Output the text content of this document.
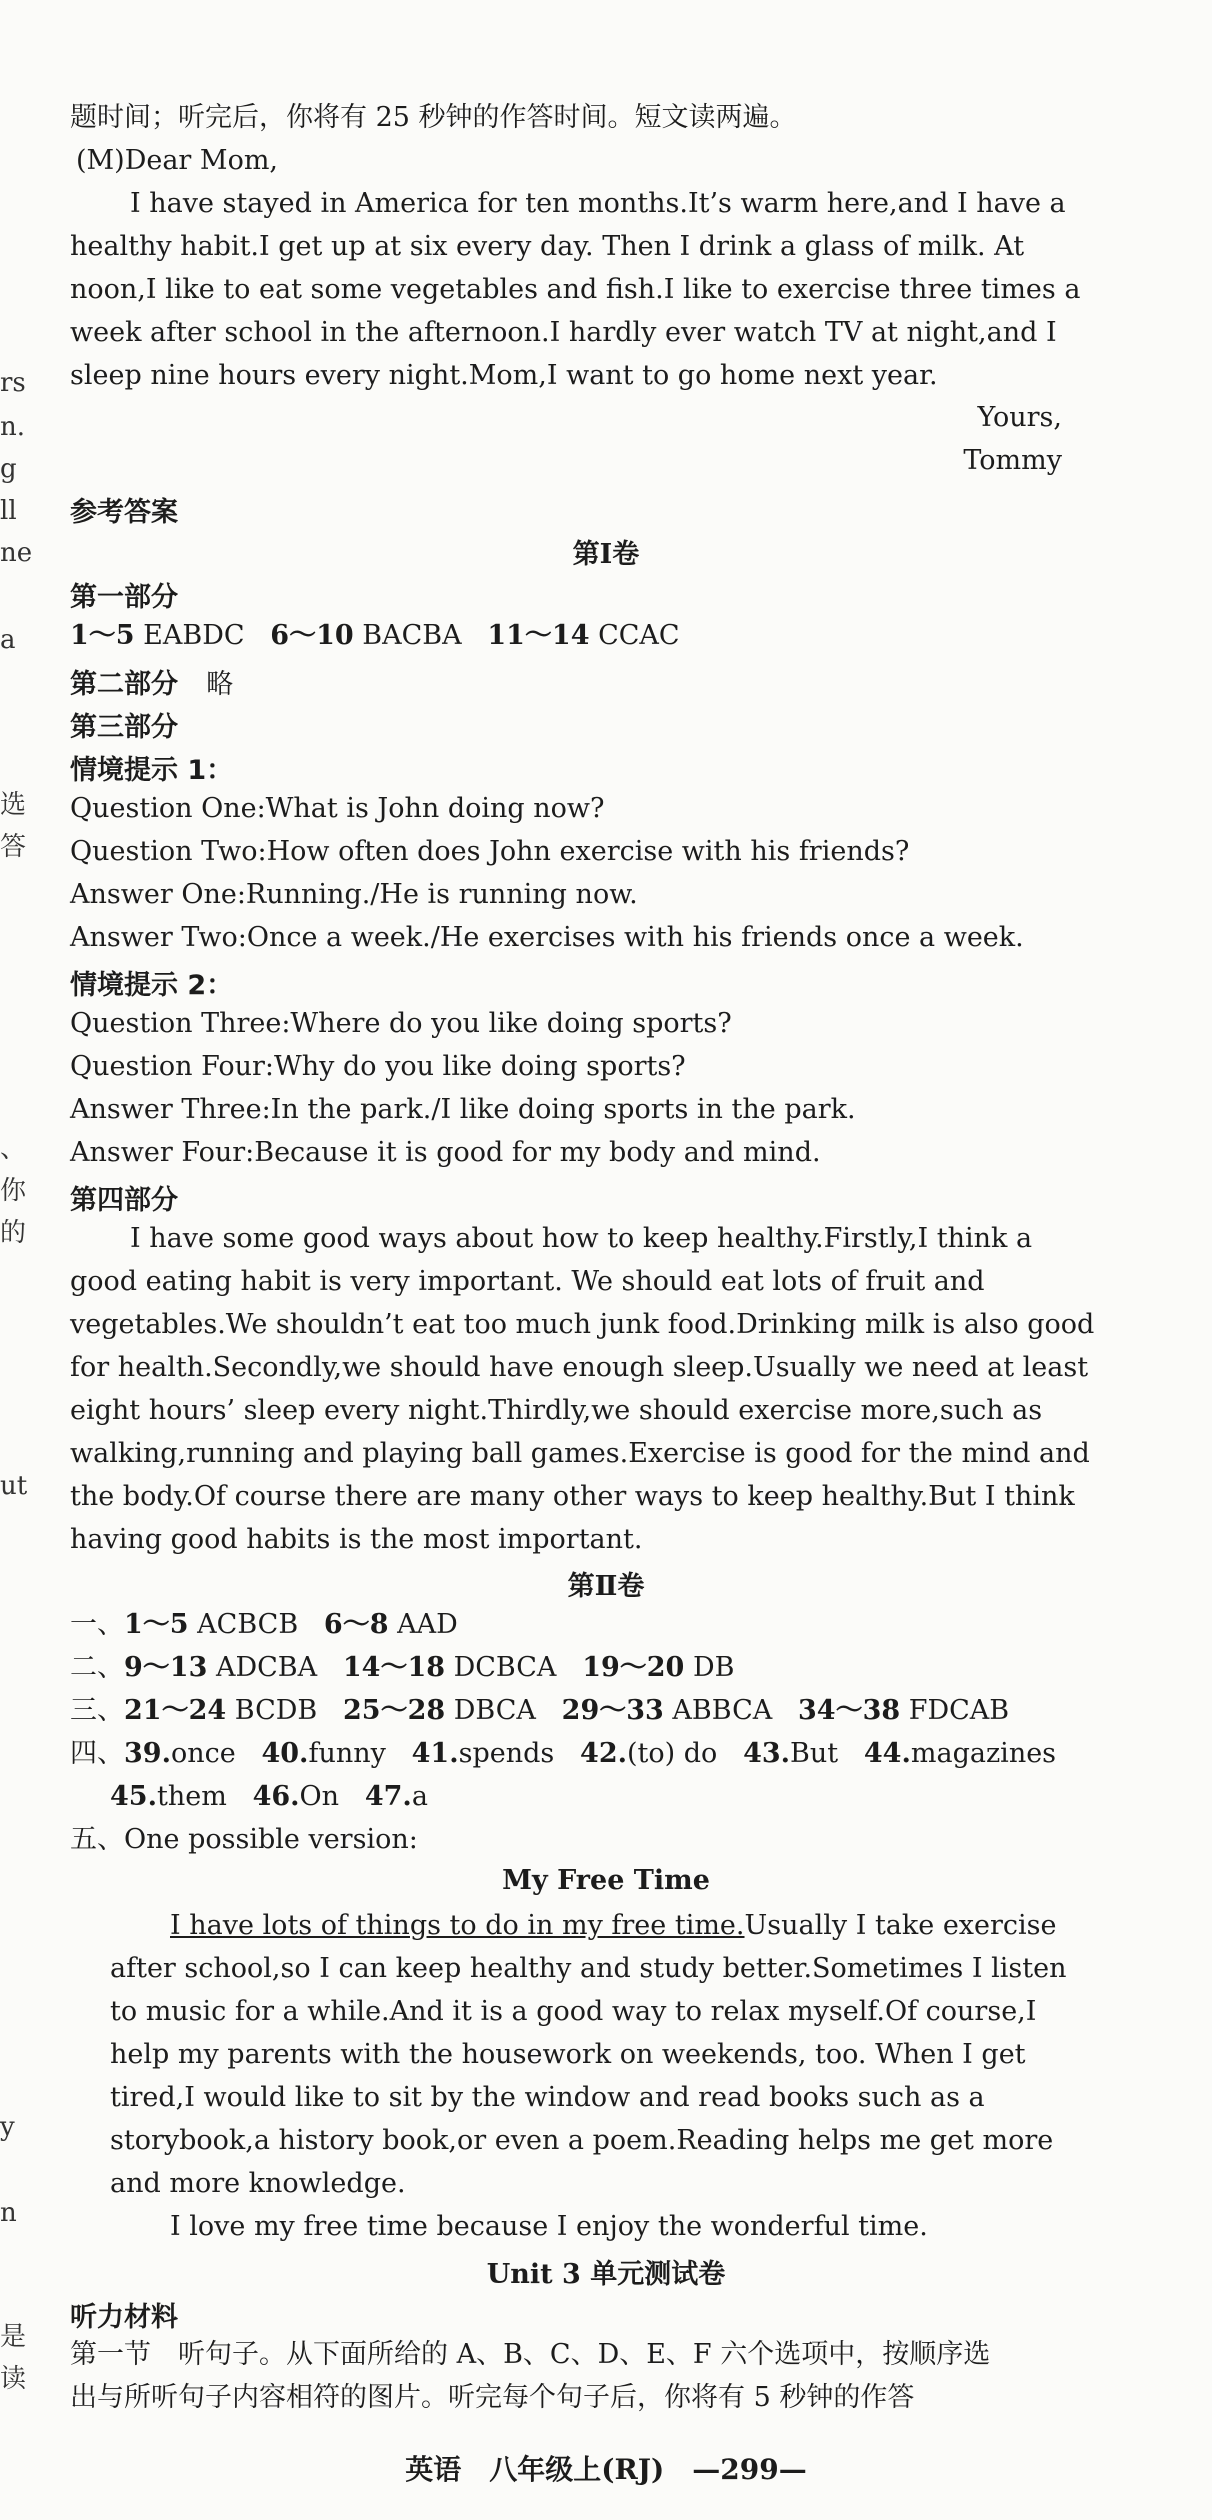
rs
n.
g
ll
ne
a
选
答
、
你
的
ut
y
n
是
读
题时间；听完后，你将有 25 秒钟的作答时间。短文读两遍。
(M)Dear Mom,
I have stayed in America for ten months.It’s warm here,and I have a
healthy habit.I get up at six every day. Then I drink a glass of milk. At
noon,I like to eat some vegetables and fish.I like to exercise three times a
week after school in the afternoon.I hardly ever watch TV at night,and I
sleep nine hours every night.Mom,I want to go home next year.
Yours,
Tommy
参考答案
第Ⅰ卷
第一部分
1～5 EABDC 6～10 BACBA 11～14 CCAC
第二部分 略
第三部分
情境提示 1：
Question One:What is John doing now?
Question Two:How often does John exercise with his friends?
Answer One:Running./He is running now.
Answer Two:Once a week./He exercises with his friends once a week.
情境提示 2：
Question Three:Where do you like doing sports?
Question Four:Why do you like doing sports?
Answer Three:In the park./I like doing sports in the park.
Answer Four:Because it is good for my body and mind.
第四部分
I have some good ways about how to keep healthy.Firstly,I think a
good eating habit is very important. We should eat lots of fruit and
vegetables.We shouldn’t eat too much junk food.Drinking milk is also good
for health.Secondly,we should have enough sleep.Usually we need at least
eight hours’ sleep every night.Thirdly,we should exercise more,such as
walking,running and playing ball games.Exercise is good for the mind and
the body.Of course there are many other ways to keep healthy.But I think
having good habits is the most important.
第Ⅱ卷
一、1～5 ACBCB 6～8 AAD
二、9～13 ADCBA 14～18 DCBCA 19～20 DB
三、21～24 BCDB 25～28 DBCA 29～33 ABBCA 34～38 FDCAB
四、39.once 40.funny 41.spends 42.(to) do 43.But 44.magazines
45.them 46.On 47.a
五、One possible version:
My Free Time
I have lots of things to do in my free time.Usually I take exercise
after school,so I can keep healthy and study better.Sometimes I listen
to music for a while.And it is a good way to relax myself.Of course,I
help my parents with the housework on weekends, too. When I get
tired,I would like to sit by the window and read books such as a
storybook,a history book,or even a poem.Reading helps me get more
and more knowledge.
I love my free time because I enjoy the wonderful time.
Unit 3 单元测试卷
听力材料
第一节　听句子。从下面所给的 A、B、C、D、E、F 六个选项中，按顺序选
出与所听句子内容相符的图片。听完每个句子后，你将有 5 秒钟的作答
英语　八年级上(RJ)　—299—
